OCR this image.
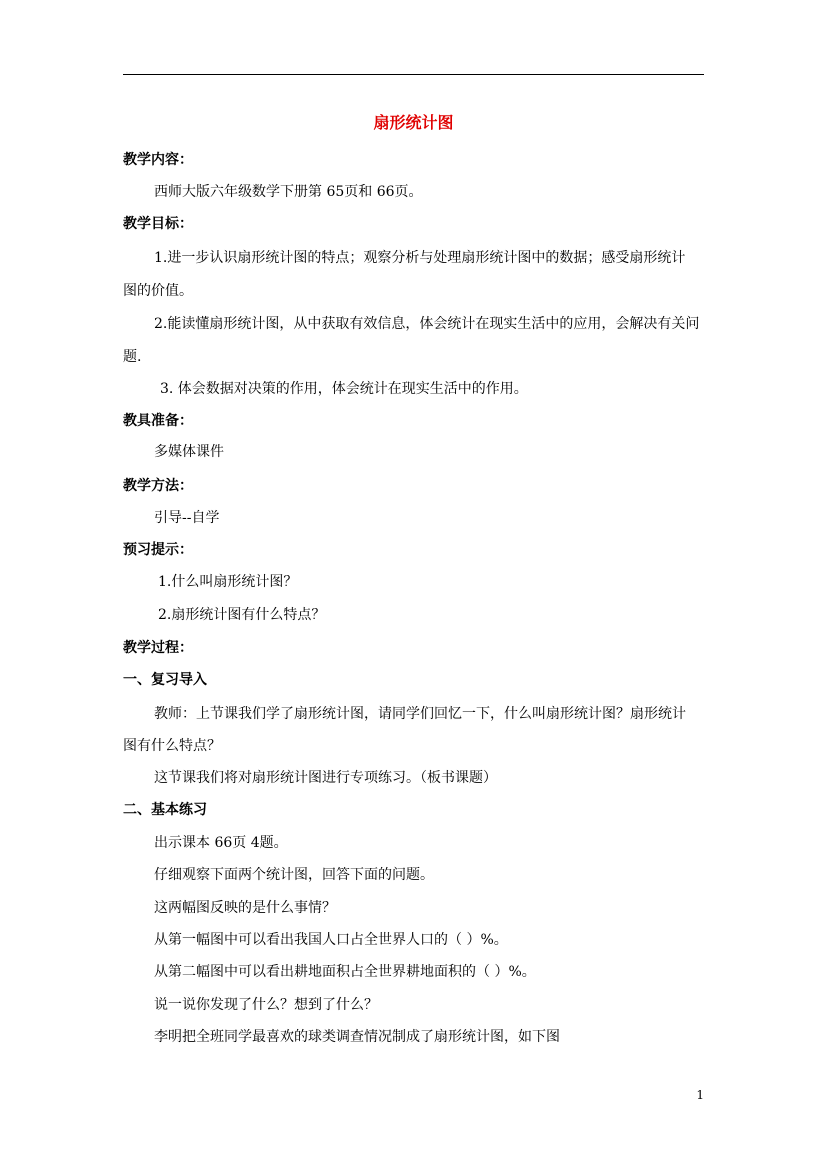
扇形统计图
教学内容：
西师大版六年级数学下册第 65页和 66页。
教学目标：
1.进一步认识扇形统计图的特点；观察分析与处理扇形统计图中的数据；感受扇形统计
图的价值。
2.能读懂扇形统计图，从中获取有效信息，体会统计在现实生活中的应用，会解决有关问
题.
3. 体会数据对决策的作用，体会统计在现实生活中的作用。
教具准备：
多媒体课件
教学方法：
引导--自学
预习提示：
1.什么叫扇形统计图？
2.扇形统计图有什么特点？
教学过程：
一、复习导入
教师：上节课我们学了扇形统计图，请同学们回忆一下，什么叫扇形统计图？扇形统计
图有什么特点？
这节课我们将对扇形统计图进行专项练习。（板书课题）
二、基本练习
出示课本 66页 4题。
仔细观察下面两个统计图，回答下面的问题。
这两幅图反映的是什么事情？
从第一幅图中可以看出我国人口占全世界人口的（ ）%。
从第二幅图中可以看出耕地面积占全世界耕地面积的（ ）%。
说一说你发现了什么？想到了什么？
李明把全班同学最喜欢的球类调查情况制成了扇形统计图，如下图
1
